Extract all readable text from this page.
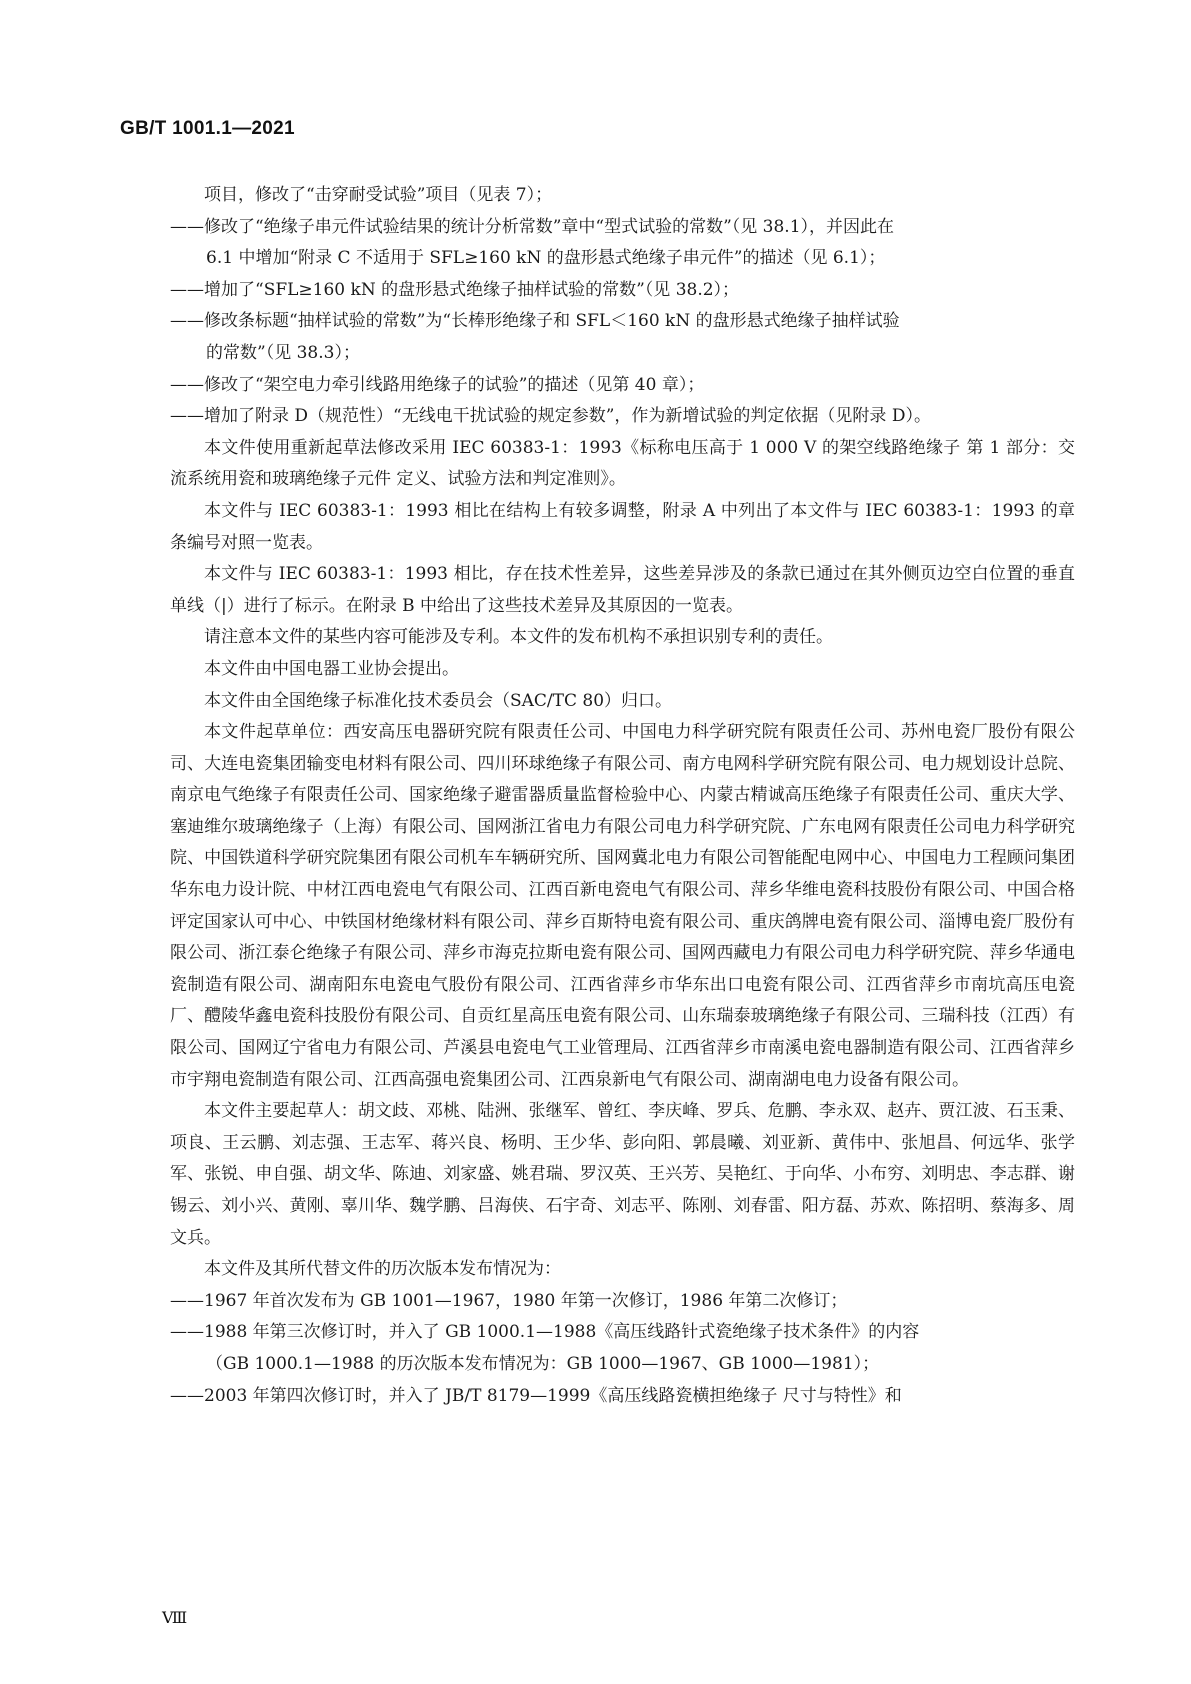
GB/T 1001.1—2021

项目，修改了“击穿耐受试验”项目（见表 7）；

——修改了“绝缘子串元件试验结果的统计分析常数”章中“型式试验的常数”（见 38.1），并因此在

6.1 中增加“附录 C 不适用于 SFL≥160 kN 的盘形悬式绝缘子串元件”的描述（见 6.1）；

——增加了“SFL≥160 kN 的盘形悬式绝缘子抽样试验的常数”（见 38.2）；

——修改条标题“抽样试验的常数”为“长棒形绝缘子和 SFL＜160 kN 的盘形悬式绝缘子抽样试验

的常数”（见 38.3）；

——修改了“架空电力牵引线路用绝缘子的试验”的描述（见第 40 章）；

——增加了附录 D（规范性）“无线电干扰试验的规定参数”，作为新增试验的判定依据（见附录 D）。

本文件使用重新起草法修改采用 IEC 60383-1：1993《标称电压高于 1 000 V 的架空线路绝缘子 第 1 部分：交流系统用瓷和玻璃绝缘子元件 定义、试验方法和判定准则》。

本文件与 IEC 60383-1：1993 相比在结构上有较多调整，附录 A 中列出了本文件与 IEC 60383-1：1993 的章条编号对照一览表。

本文件与 IEC 60383-1：1993 相比，存在技术性差异，这些差异涉及的条款已通过在其外侧页边空白位置的垂直单线（|）进行了标示。在附录 B 中给出了这些技术差异及其原因的一览表。

请注意本文件的某些内容可能涉及专利。本文件的发布机构不承担识别专利的责任。

本文件由中国电器工业协会提出。

本文件由全国绝缘子标准化技术委员会（SAC/TC 80）归口。

本文件起草单位：西安高压电器研究院有限责任公司、中国电力科学研究院有限责任公司、苏州电瓷厂股份有限公司、大连电瓷集团输变电材料有限公司、四川环球绝缘子有限公司、南方电网科学研究院有限公司、电力规划设计总院、南京电气绝缘子有限责任公司、国家绝缘子避雷器质量监督检验中心、内蒙古精诚高压绝缘子有限责任公司、重庆大学、塞迪维尔玻璃绝缘子（上海）有限公司、国网浙江省电力有限公司电力科学研究院、广东电网有限责任公司电力科学研究院、中国铁道科学研究院集团有限公司机车车辆研究所、国网冀北电力有限公司智能配电网中心、中国电力工程顾问集团华东电力设计院、中材江西电瓷电气有限公司、江西百新电瓷电气有限公司、萍乡华维电瓷科技股份有限公司、中国合格评定国家认可中心、中铁国材绝缘材料有限公司、萍乡百斯特电瓷有限公司、重庆鸽牌电瓷有限公司、淄博电瓷厂股份有限公司、浙江泰仑绝缘子有限公司、萍乡市海克拉斯电瓷有限公司、国网西藏电力有限公司电力科学研究院、萍乡华通电瓷制造有限公司、湖南阳东电瓷电气股份有限公司、江西省萍乡市华东出口电瓷有限公司、江西省萍乡市南坑高压电瓷厂、醴陵华鑫电瓷科技股份有限公司、自贡红星高压电瓷有限公司、山东瑞泰玻璃绝缘子有限公司、三瑞科技（江西）有限公司、国网辽宁省电力有限公司、芦溪县电瓷电气工业管理局、江西省萍乡市南溪电瓷电器制造有限公司、江西省萍乡市宇翔电瓷制造有限公司、江西高强电瓷集团公司、江西泉新电气有限公司、湖南湖电电力设备有限公司。

本文件主要起草人：胡文歧、邓桃、陆洲、张继军、曾红、李庆峰、罗兵、危鹏、李永双、赵卉、贾江波、石玉秉、项良、王云鹏、刘志强、王志军、蒋兴良、杨明、王少华、彭向阳、郭晨曦、刘亚新、黄伟中、张旭昌、何远华、张学军、张锐、申自强、胡文华、陈迪、刘家盛、姚君瑞、罗汉英、王兴芳、吴艳红、于向华、小布穷、刘明忠、李志群、谢锡云、刘小兴、黄刚、辜川华、魏学鹏、吕海侠、石宇奇、刘志平、陈刚、刘春雷、阳方磊、苏欢、陈招明、蔡海多、周文兵。

本文件及其所代替文件的历次版本发布情况为：

——1967 年首次发布为 GB 1001—1967，1980 年第一次修订，1986 年第二次修订；

——1988 年第三次修订时，并入了 GB 1000.1—1988《高压线路针式瓷绝缘子技术条件》的内容

（GB 1000.1—1988 的历次版本发布情况为：GB 1000—1967、GB 1000—1981）；

——2003 年第四次修订时，并入了 JB/T 8179—1999《高压线路瓷横担绝缘子 尺寸与特性》和

Ⅷ
